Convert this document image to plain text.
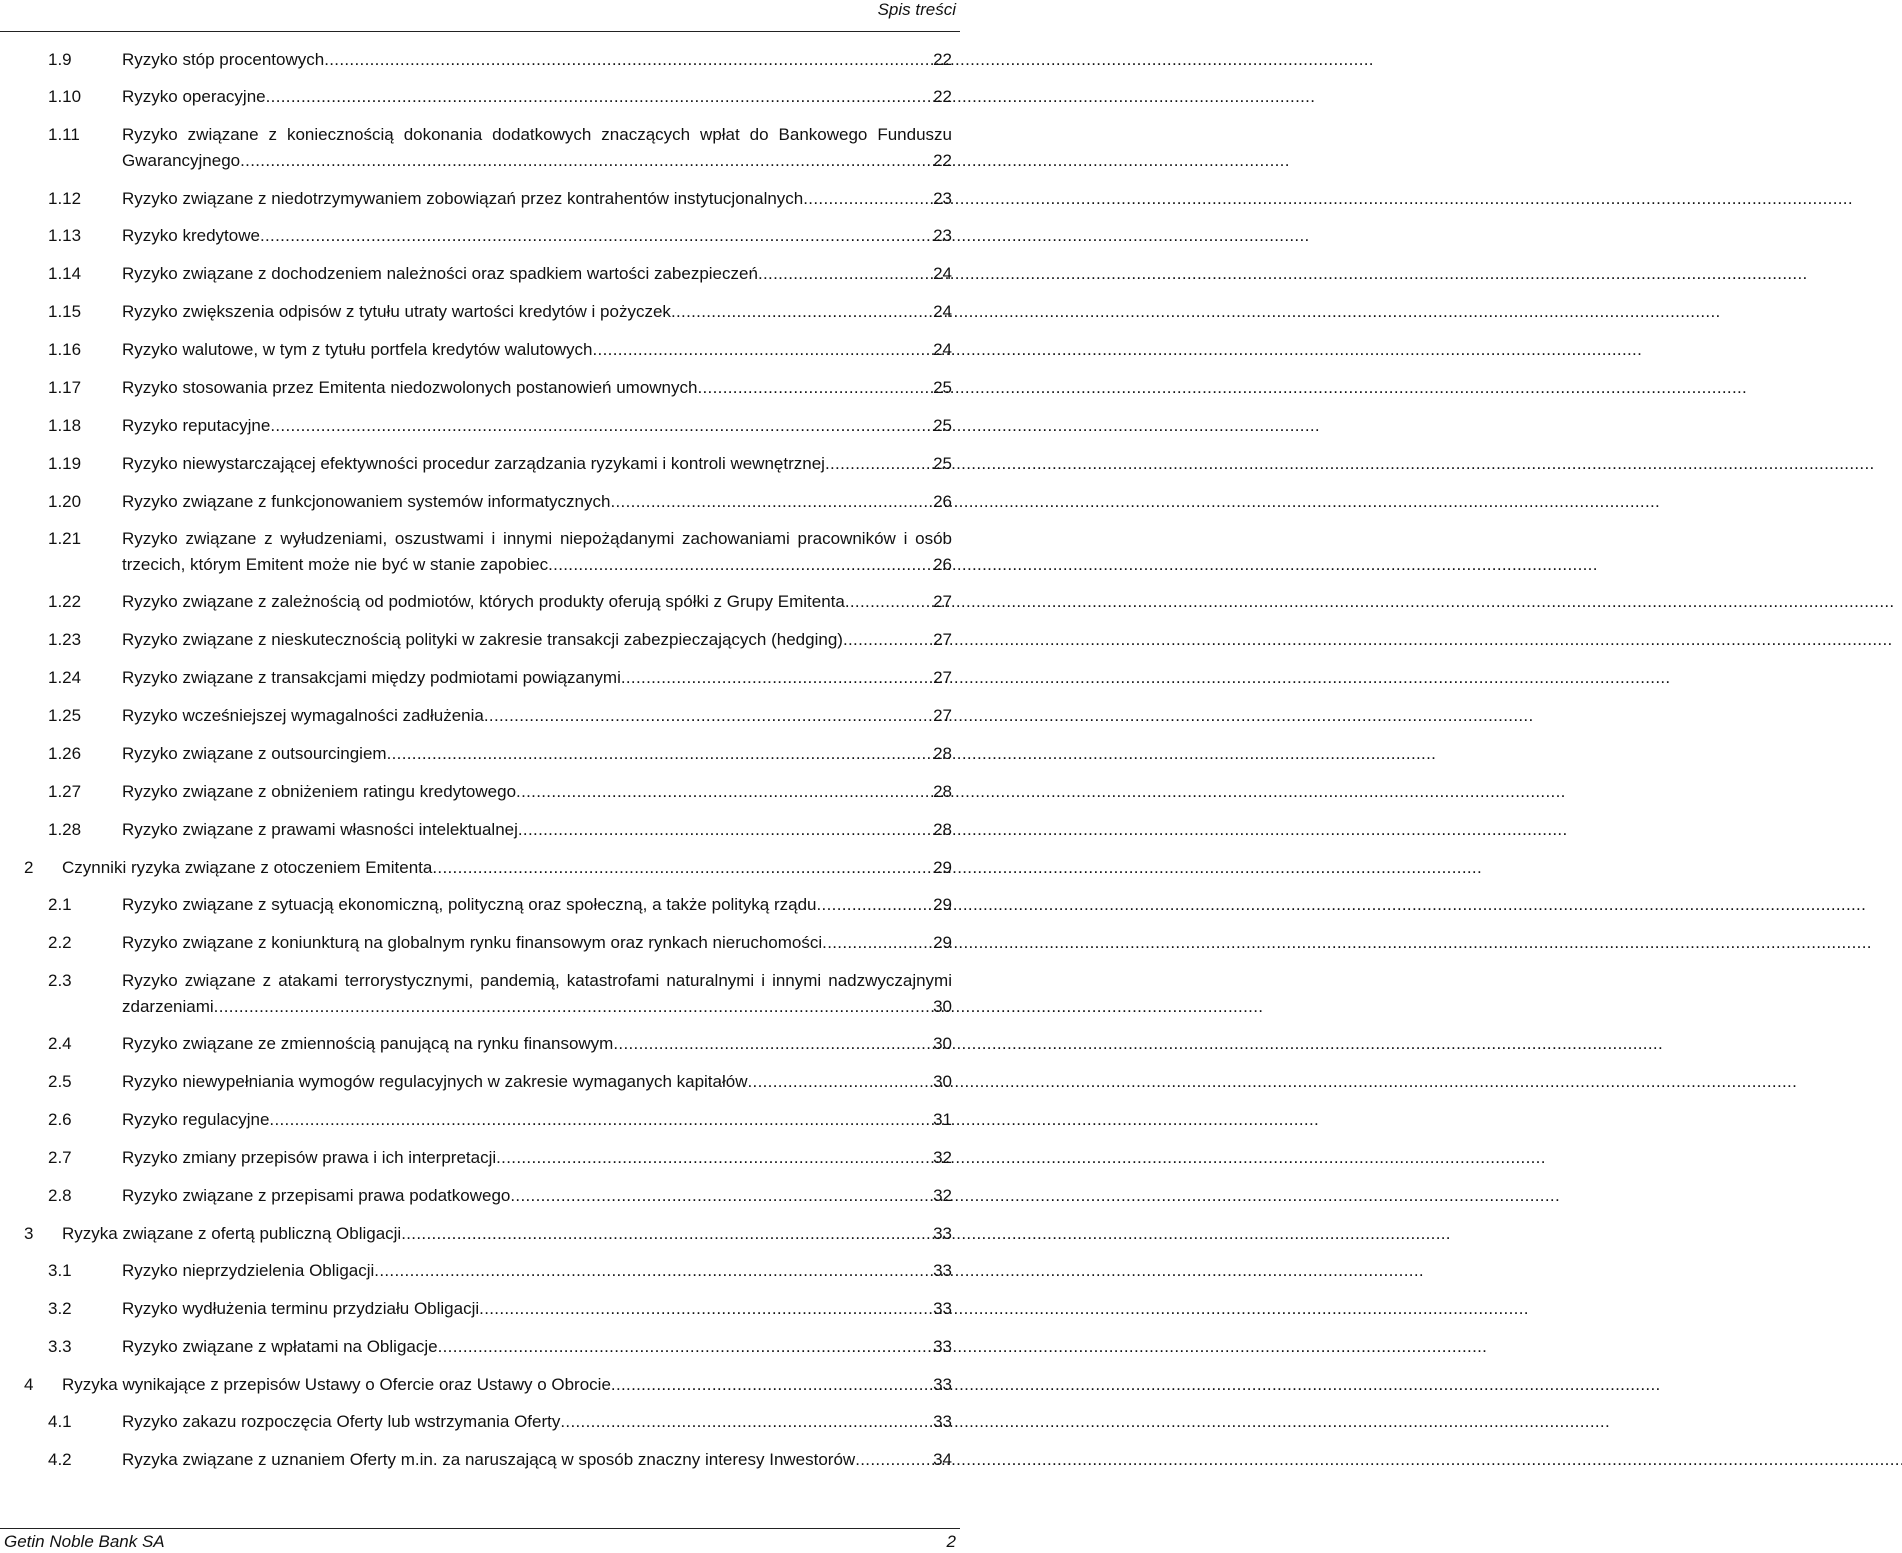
Spis treści
1.9	Ryzyko stóp procentowych . . .	22
1.10 Ryzyko operacyjne . . .	22
1.11 Ryzyko związane z koniecznością dokonania dodatkowych znaczących wpłat do Bankowego Funduszu
Gwarancyjnego . . .	22
1.12 Ryzyko związane z niedotrzymywaniem zobowiązań przez kontrahentów instytucjonalnych . . .	23
1.13 Ryzyko kredytowe . . .	23
1.14 Ryzyko związane z dochodzeniem należności oraz spadkiem wartości zabezpieczeń . . .	24
1.15 Ryzyko zwiększenia odpisów z tytułu utraty wartości kredytów i pożyczek . . .	24
1.16 Ryzyko walutowe, w tym z tytułu portfela kredytów walutowych . . .	24
1.17 Ryzyko stosowania przez Emitenta niedozwolonych postanowień umownych . . .	25
1.18 Ryzyko reputacyjne . . .	25
1.19 Ryzyko niewystarczającej efektywności procedur zarządzania ryzykami i kontroli wewnętrznej . . .	25
1.20 Ryzyko związane z funkcjonowaniem systemów informatycznych . . .	26
1.21 Ryzyko związane z wyłudzeniami, oszustwami i innymi niepożądanymi zachowaniami pracowników i osób
trzecich, którym Emitent może nie być w stanie zapobiec . . .	26
1.22 Ryzyko związane z zależnością od podmiotów, których produkty oferują spółki z Grupy Emitenta . . .	27
1.23 Ryzyko związane z nieskutecznością polityki w zakresie transakcji zabezpieczających (hedging) . . .	27
1.24 Ryzyko związane z transakcjami między podmiotami powiązanymi . . .	27
1.25 Ryzyko wcześniejszej wymagalności zadłużenia . . .	27
1.26 Ryzyko związane z outsourcingiem . . .	28
1.27 Ryzyko związane z obniżeniem ratingu kredytowego . . .	28
1.28 Ryzyko związane z prawami własności intelektualnej . . .	28
2 Czynniki ryzyka związane z otoczeniem Emitenta . . .	29
2.1	Ryzyko związane z sytuacją ekonomiczną, polityczną oraz społeczną, a także polityką rządu . . .	29
2.2	Ryzyko związane z koniunkturą na globalnym rynku finansowym oraz rynkach nieruchomości . . .	29
2.3	Ryzyko związane z atakami terrorystycznymi, pandemią, katastrofami naturalnymi i innymi nadzwyczajnymi
zdarzeniami . . .	30
2.4	Ryzyko związane ze zmiennością panującą na rynku finansowym . . .	30
2.5	Ryzyko niewypełniania wymogów regulacyjnych w zakresie wymaganych kapitałów . . .	30
2.6	Ryzyko regulacyjne . . .	31
2.7	Ryzyko zmiany przepisów prawa i ich interpretacji . . .	32
2.8	Ryzyko związane z przepisami prawa podatkowego . . .	32
3 Ryzyka związane z ofertą publiczną Obligacji . . .	33
3.1	Ryzyko nieprzydzielenia Obligacji . . .	33
3.2	Ryzyko wydłużenia terminu przydziału Obligacji . . .	33
3.3	Ryzyko związane z wpłatami na Obligacje . . .	33
4 Ryzyka wynikające z przepisów Ustawy o Ofercie oraz Ustawy o Obrocie . . .	33
4.1	Ryzyko zakazu rozpoczęcia Oferty lub wstrzymania Oferty . . .	33
4.2	Ryzyka związane z uznaniem Oferty m.in. za naruszającą w sposób znaczny interesy Inwestorów . . .	34
Getin Noble Bank SA	2
